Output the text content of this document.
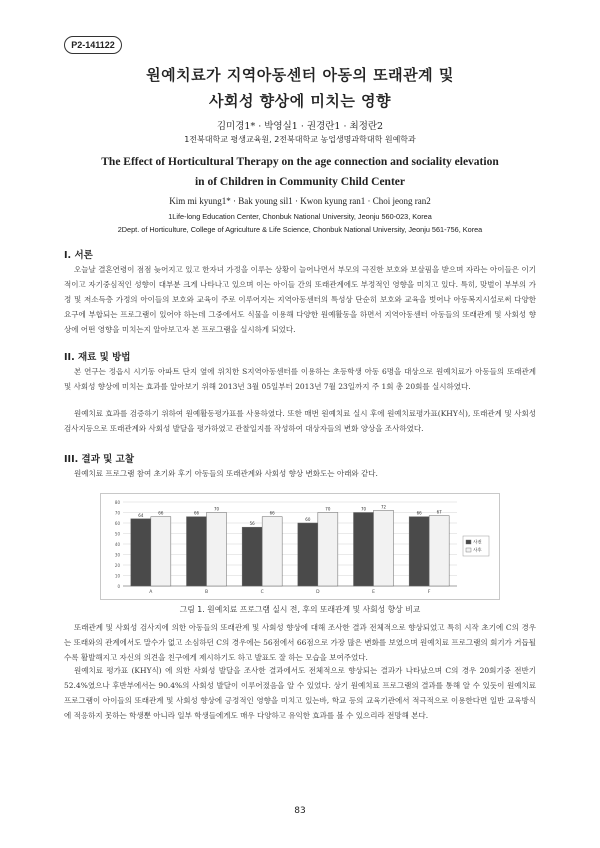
P2-141122
원예치료가 지역아동센터 아동의 또래관계 및
사회성 향상에 미치는 영향
김미경1* · 박영실1 · 권경란1 · 최정란2
1전북대학교 평생교육원, 2전북대학교 농업생명과학대학 원예학과
The Effect of Horticultural Therapy on the age connection and sociality elevation
in of Children in Community Child Center
Kim mi kyung1* · Bak young sil1 · Kwon kyung ran1 · Choi jeong ran2
1Life-long Education Center, Chonbuk National University, Jeonju 560-023, Korea
2Dept. of Horticulture, College of Agriculture & Life Science, Chonbuk National University, Jeonju 561-756, Korea
I. 서론
오늘날 결혼연령이 점점 늦어지고 있고 한자녀 가정을 이루는 상황이 늘어나면서 부모의 극진한 보호와 보살핌을 받으며 자라는 아이들은 이기적이고 자기중심적인 성향이 대부분 크게 나타나고 있으며 이는 아이들 간의 또래관계에도 부정적인 영향을 미치고 있다. 특히, 맞벌이 부부의 가정 및 저소득층 가정의 아이들의 보호와 교육이 주로 이루어지는 지역아동센터의 특성상 단순히 보호와 교육을 벗어나 아동복지시설로써 다양한 요구에 부합되는 프로그램이 있어야 하는데 그중에서도 식물을 이용해 다양한 원예활동을 하면서 지역아동센터 아동들의 또래관계 및 사회성 향상에 어떤 영향을 미치는지 알아보고자 본 프로그램을 실시하게 되었다.
II. 재료 및 방법
본 연구는 정읍시 시기동 아파트 단지 옆에 위치한 S지역아동센터를 이용하는 초등학생 아동 6명을 대상으로 원예치료가 아동들의 또래관계 및 사회성 향상에 미치는 효과를 알아보기 위해 2013년 3월 05일부터 2013년 7월 23일까지 주 1회 총 20회를 실시하였다.
원예치료 효과를 검증하기 위하여 원예활동평가표를 사용하였다. 또한 매번 원예치료 실시 후에 원예치료평가표(KHY식), 또래관계 및 사회성 검사지등으로 또래관계와 사회성 발달을 평가하였고 관찰일지를 작성하여 대상자들의 변화 양상을 조사하였다.
III. 결과 및 고찰
원예치료 프로그램 참여 초기와 후기 아동들의 또래관계와 사회성 향상 변화도는 아래와 같다.
0
10
20
30
40
50
60
70
80
64	66
A
66
70
B
56
66
C
60
70
D
70	72
E
66	67
F
사전
사후
그림 1. 원예치료 프로그램 실시 전, 후의 또래관계 및 사회성 향상 비교
또래관계 및 사회성 검사지에 의한 아동들의 또래관계 및 사회성 향상에 대해 조사한 결과 전체적으로 향상되었고 특히 시작 초기에 C의 경우는 또래와의 관계에서도 말수가 없고 소심하던 C의 경우에는 56점에서 66점으로 가장 많은 변화를 보였으며 원예치료 프로그램의 회기가 거듭될수록 활발해지고 자신의 의견을 친구에게 제시하기도 하고 발표도 잘 하는 모습을 보여주었다.
원예치료 평가표 (KHY식) 에 의한 사회성 발달을 조사한 결과에서도 전체적으로 향상되는 결과가 나타났으며 C의 경우 20회기중 전반기 52.4%였으나 후반부에서는 90.4%의 사회성 발달이 이루어졌음을 알 수 있었다. 상기 원예치료 프로그램의 결과를 통해 알 수 있듯이 원예치료 프로그램이 아이들의 또래관계 및 사회성 향상에 긍정적인 영향을 미치고 있는바, 학교 등의 교육기관에서 적극적으로 이용한다면 일반 교육방식에 적응하지 못하는 학생뿐 아니라 일부 학생들에게도 매우 다양하고 유익한 효과를 볼 수 있으리라 전망해 본다.
83
